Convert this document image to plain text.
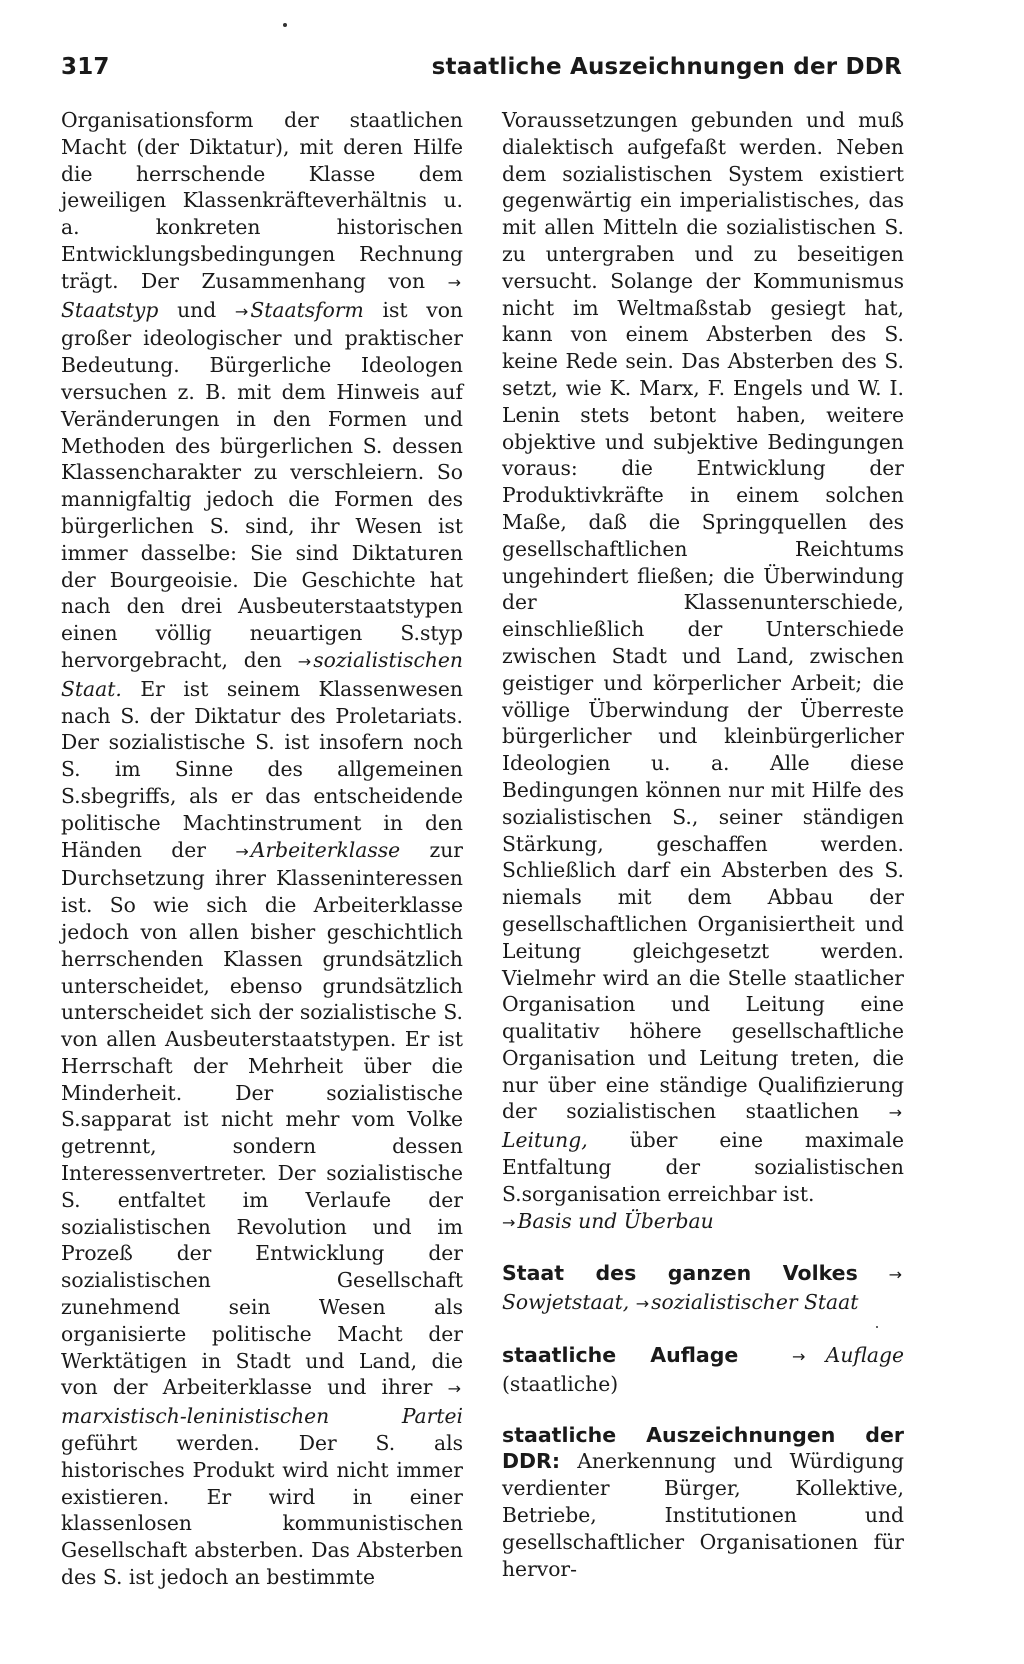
317	staatliche Auszeichnungen der DDR

Organisationsform der staatlichen Macht (der Diktatur), mit deren Hilfe die herrschende Klasse dem jeweiligen Klassenkräfteverhältnis u. a. konkreten historischen Entwicklungsbedingungen Rechnung trägt. Der Zusammenhang von → Staatstyp und →  Staatsform ist von großer ideologischer und praktischer Bedeutung. Bürgerliche Ideologen versuchen z. B. mit dem Hinweis auf Veränderungen in den Formen und Methoden des bürgerlichen S. dessen Klassencharakter zu verschleiern. So mannigfaltig jedoch die Formen des bürgerlichen S. sind, ihr Wesen ist immer dasselbe: Sie sind Diktaturen der Bourgeoisie. Die Geschichte hat nach den drei Ausbeuterstaatstypen einen völlig neuartigen S.styp hervorgebracht, den →  sozialistischen Staat. Er ist seinem Klassenwesen nach S. der Diktatur des Proletariats. Der sozialistische S. ist insofern noch S. im Sinne des allgemeinen S.sbegriffs, als er das entscheidende politische Machtinstrument in den Händen der →  Arbeiterklasse zur Durchsetzung ihrer Klasseninteressen ist. So wie sich die Arbeiterklasse jedoch von allen bisher geschichtlich herrschenden Klassen grundsätzlich unterscheidet, ebenso grundsätzlich unterscheidet sich der sozialistische S. von allen Ausbeuterstaatstypen. Er ist Herrschaft der Mehrheit über die Minderheit. Der sozialistische S.sapparat ist nicht mehr vom Volke getrennt, sondern dessen Interessenvertreter. Der sozialistische S. entfaltet im Verlaufe der sozialistischen Revolution und im Prozeß der Entwicklung der sozialistischen Gesellschaft zunehmend sein Wesen als organisierte politische Macht der Werktätigen in Stadt und Land, die von der Arbeiterklasse und ihrer → marxistisch-leninistischen Partei geführt werden. Der S. als historisches Produkt wird nicht immer existieren. Er wird in einer klassenlosen kommunistischen Gesellschaft absterben. Das Absterben des S. ist jedoch an bestimmte

Voraussetzungen gebunden und muß dialektisch aufgefaßt werden. Neben dem sozialistischen System existiert gegenwärtig ein imperialistisches, das mit allen Mitteln die sozialistischen S. zu untergraben und zu beseitigen versucht. Solange der Kommunismus nicht im Weltmaßstab gesiegt hat, kann von einem Absterben des S. keine Rede sein. Das Absterben des S. setzt, wie K. Marx, F. Engels und W. I. Lenin stets betont haben, weitere objektive und subjektive Bedingungen voraus: die Entwicklung der Produktivkräfte in einem solchen Maße, daß die Springquellen des gesellschaftlichen Reichtums ungehindert fließen; die Überwindung der Klassenunterschiede, einschließlich der Unterschiede zwischen Stadt und Land, zwischen geistiger und körperlicher Arbeit; die völlige Überwindung der Überreste bürgerlicher und kleinbürgerlicher Ideologien u. a. Alle diese Bedingungen können nur mit Hilfe des sozialistischen S., seiner ständigen Stärkung, geschaffen werden. Schließlich darf ein Absterben des S. niemals mit dem Abbau der gesellschaftlichen Organisiertheit und Leitung gleichgesetzt werden. Vielmehr wird an die Stelle staatlicher Organisation und Leitung eine qualitativ höhere gesellschaftliche Organisation und Leitung treten, die nur über eine ständige Qualifizierung der sozialistischen staatlichen → Leitung, über eine maximale Entfaltung der sozialistischen S.sorganisation erreichbar ist.
→  Basis und Überbau

Staat des ganzen Volkes → Sowjetstaat, →  sozialistischer Staat

staatliche Auflage  	→  Auflage (staatliche)

staatliche Auszeichnungen der DDR: Anerkennung und Würdigung verdienter Bürger, Kollektive, Betriebe, Institutionen und gesellschaftlicher Organisationen für hervor-
